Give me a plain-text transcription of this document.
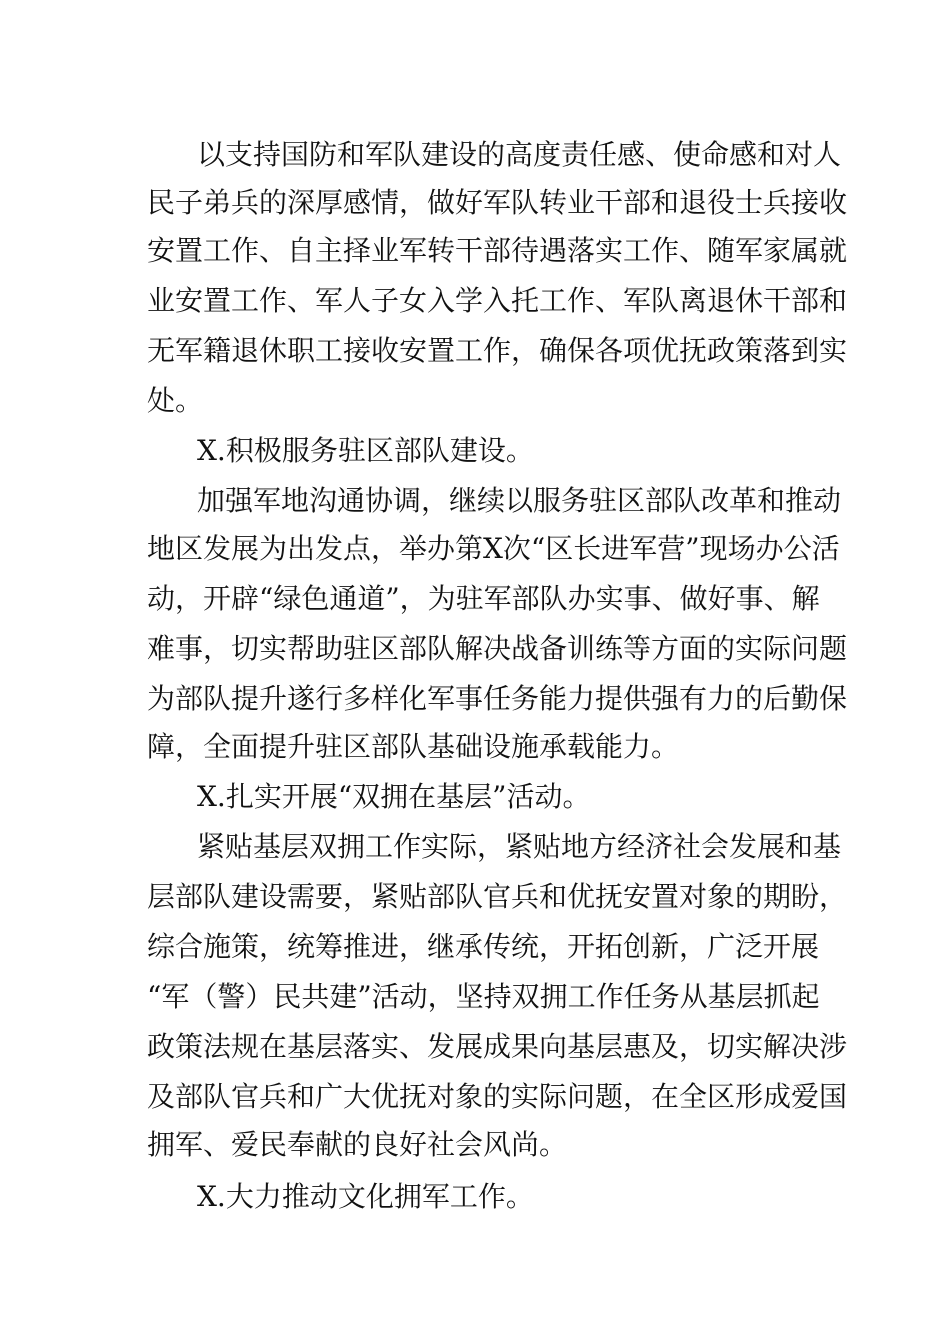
以支持国防和军队建设的高度责任感、使命感和对人
民子弟兵的深厚感情，做好军队转业干部和退役士兵接收
安置工作、自主择业军转干部待遇落实工作、随军家属就
业安置工作、军人子女入学入托工作、军队离退休干部和
无军籍退休职工接收安置工作，确保各项优抚政策落到实
处。
X.积极服务驻区部队建设。
加强军地沟通协调，继续以服务驻区部队改革和推动
地区发展为出发点，举办第X次“区长进军营”现场办公活
动，开辟“绿色通道”，为驻军部队办实事、做好事、解
难事，切实帮助驻区部队解决战备训练等方面的实际问题
为部队提升遂行多样化军事任务能力提供强有力的后勤保
障，全面提升驻区部队基础设施承载能力。
X.扎实开展“双拥在基层”活动。
紧贴基层双拥工作实际，紧贴地方经济社会发展和基
层部队建设需要，紧贴部队官兵和优抚安置对象的期盼，
综合施策，统筹推进，继承传统，开拓创新，广泛开展
“军（警）民共建”活动，坚持双拥工作任务从基层抓起
政策法规在基层落实、发展成果向基层惠及，切实解决涉
及部队官兵和广大优抚对象的实际问题，在全区形成爱国
拥军、爱民奉献的良好社会风尚。
X.大力推动文化拥军工作。
